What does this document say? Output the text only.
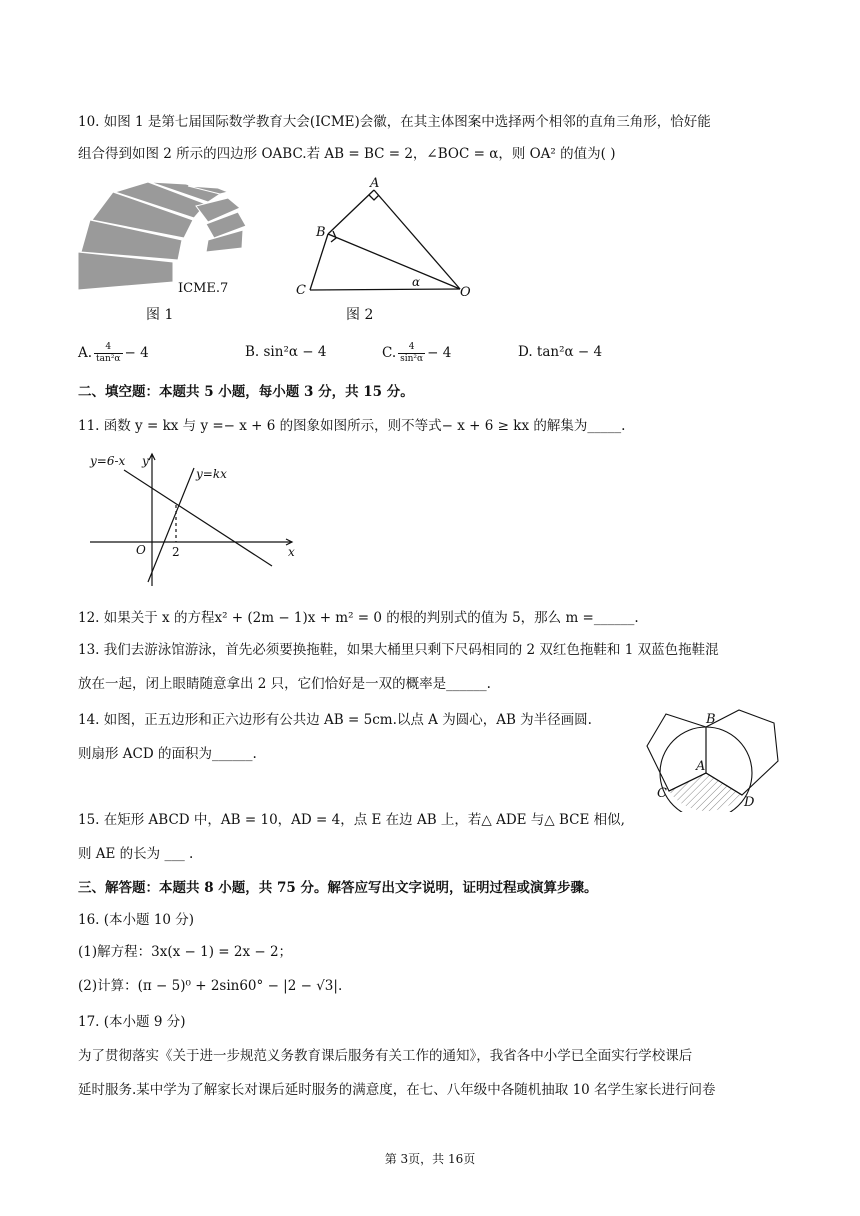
10. 如图 1 是第七届国际数学教育大会(ICME)会徽，在其主体图案中选择两个相邻的直角三角形，恰好能
组合得到如图 2 所示的四边形 OABC.若 AB = BC = 2，∠BOC = α，则 OA² 的值为( )
ICME.7
图 1
A
B
C	O
α
图 2
A. $\frac{4}{\text{tan²α}} - 4$	B. sin²α − 4	C. $\frac{4}{\text{sin²α}} - 4$	D. tan²α − 4
二、填空题：本题共 5 小题，每小题 3 分，共 15 分。
11. 函数 y = kx 与 y =− x + 6 的图象如图所示，则不等式− x + 6 ≥ kx 的解集为_____.
y=6-x y
y=kx
O 2	x
12. 如果关于 x 的方程x² + (2m − 1)x + m² = 0 的根的判别式的值为 5，那么 m =______.
13. 我们去游泳馆游泳，首先必须要换拖鞋，如果大桶里只剩下尺码相同的 2 双红色拖鞋和 1 双蓝色拖鞋混
放在一起，闭上眼睛随意拿出 2 只，它们恰好是一双的概率是______.
14. 如图，正五边形和正六边形有公共边 AB = 5cm.以点 A 为圆心，AB 为半径画圆.
则扇形 ACD 的面积为______.
B
A
C
D
15. 在矩形 ABCD 中，AB = 10，AD = 4，点 E 在边 AB 上，若△ ADE 与△ BCE 相似,
则 AE 的长为 ___ .
三、解答题：本题共 8 小题，共 75 分。解答应写出文字说明，证明过程或演算步骤。
16. (本小题 10 分)
(1)解方程：3x(x − 1) = 2x − 2；
(2)计算：(π − 5)⁰ + 2sin60° − |2 − √3|.
17. (本小题 9 分)
为了贯彻落实《关于进一步规范义务教育课后服务有关工作的通知》，我省各中小学已全面实行学校课后
延时服务.某中学为了解家长对课后延时服务的满意度，在七、八年级中各随机抽取 10 名学生家长进行问卷
第 3页，共 16页
